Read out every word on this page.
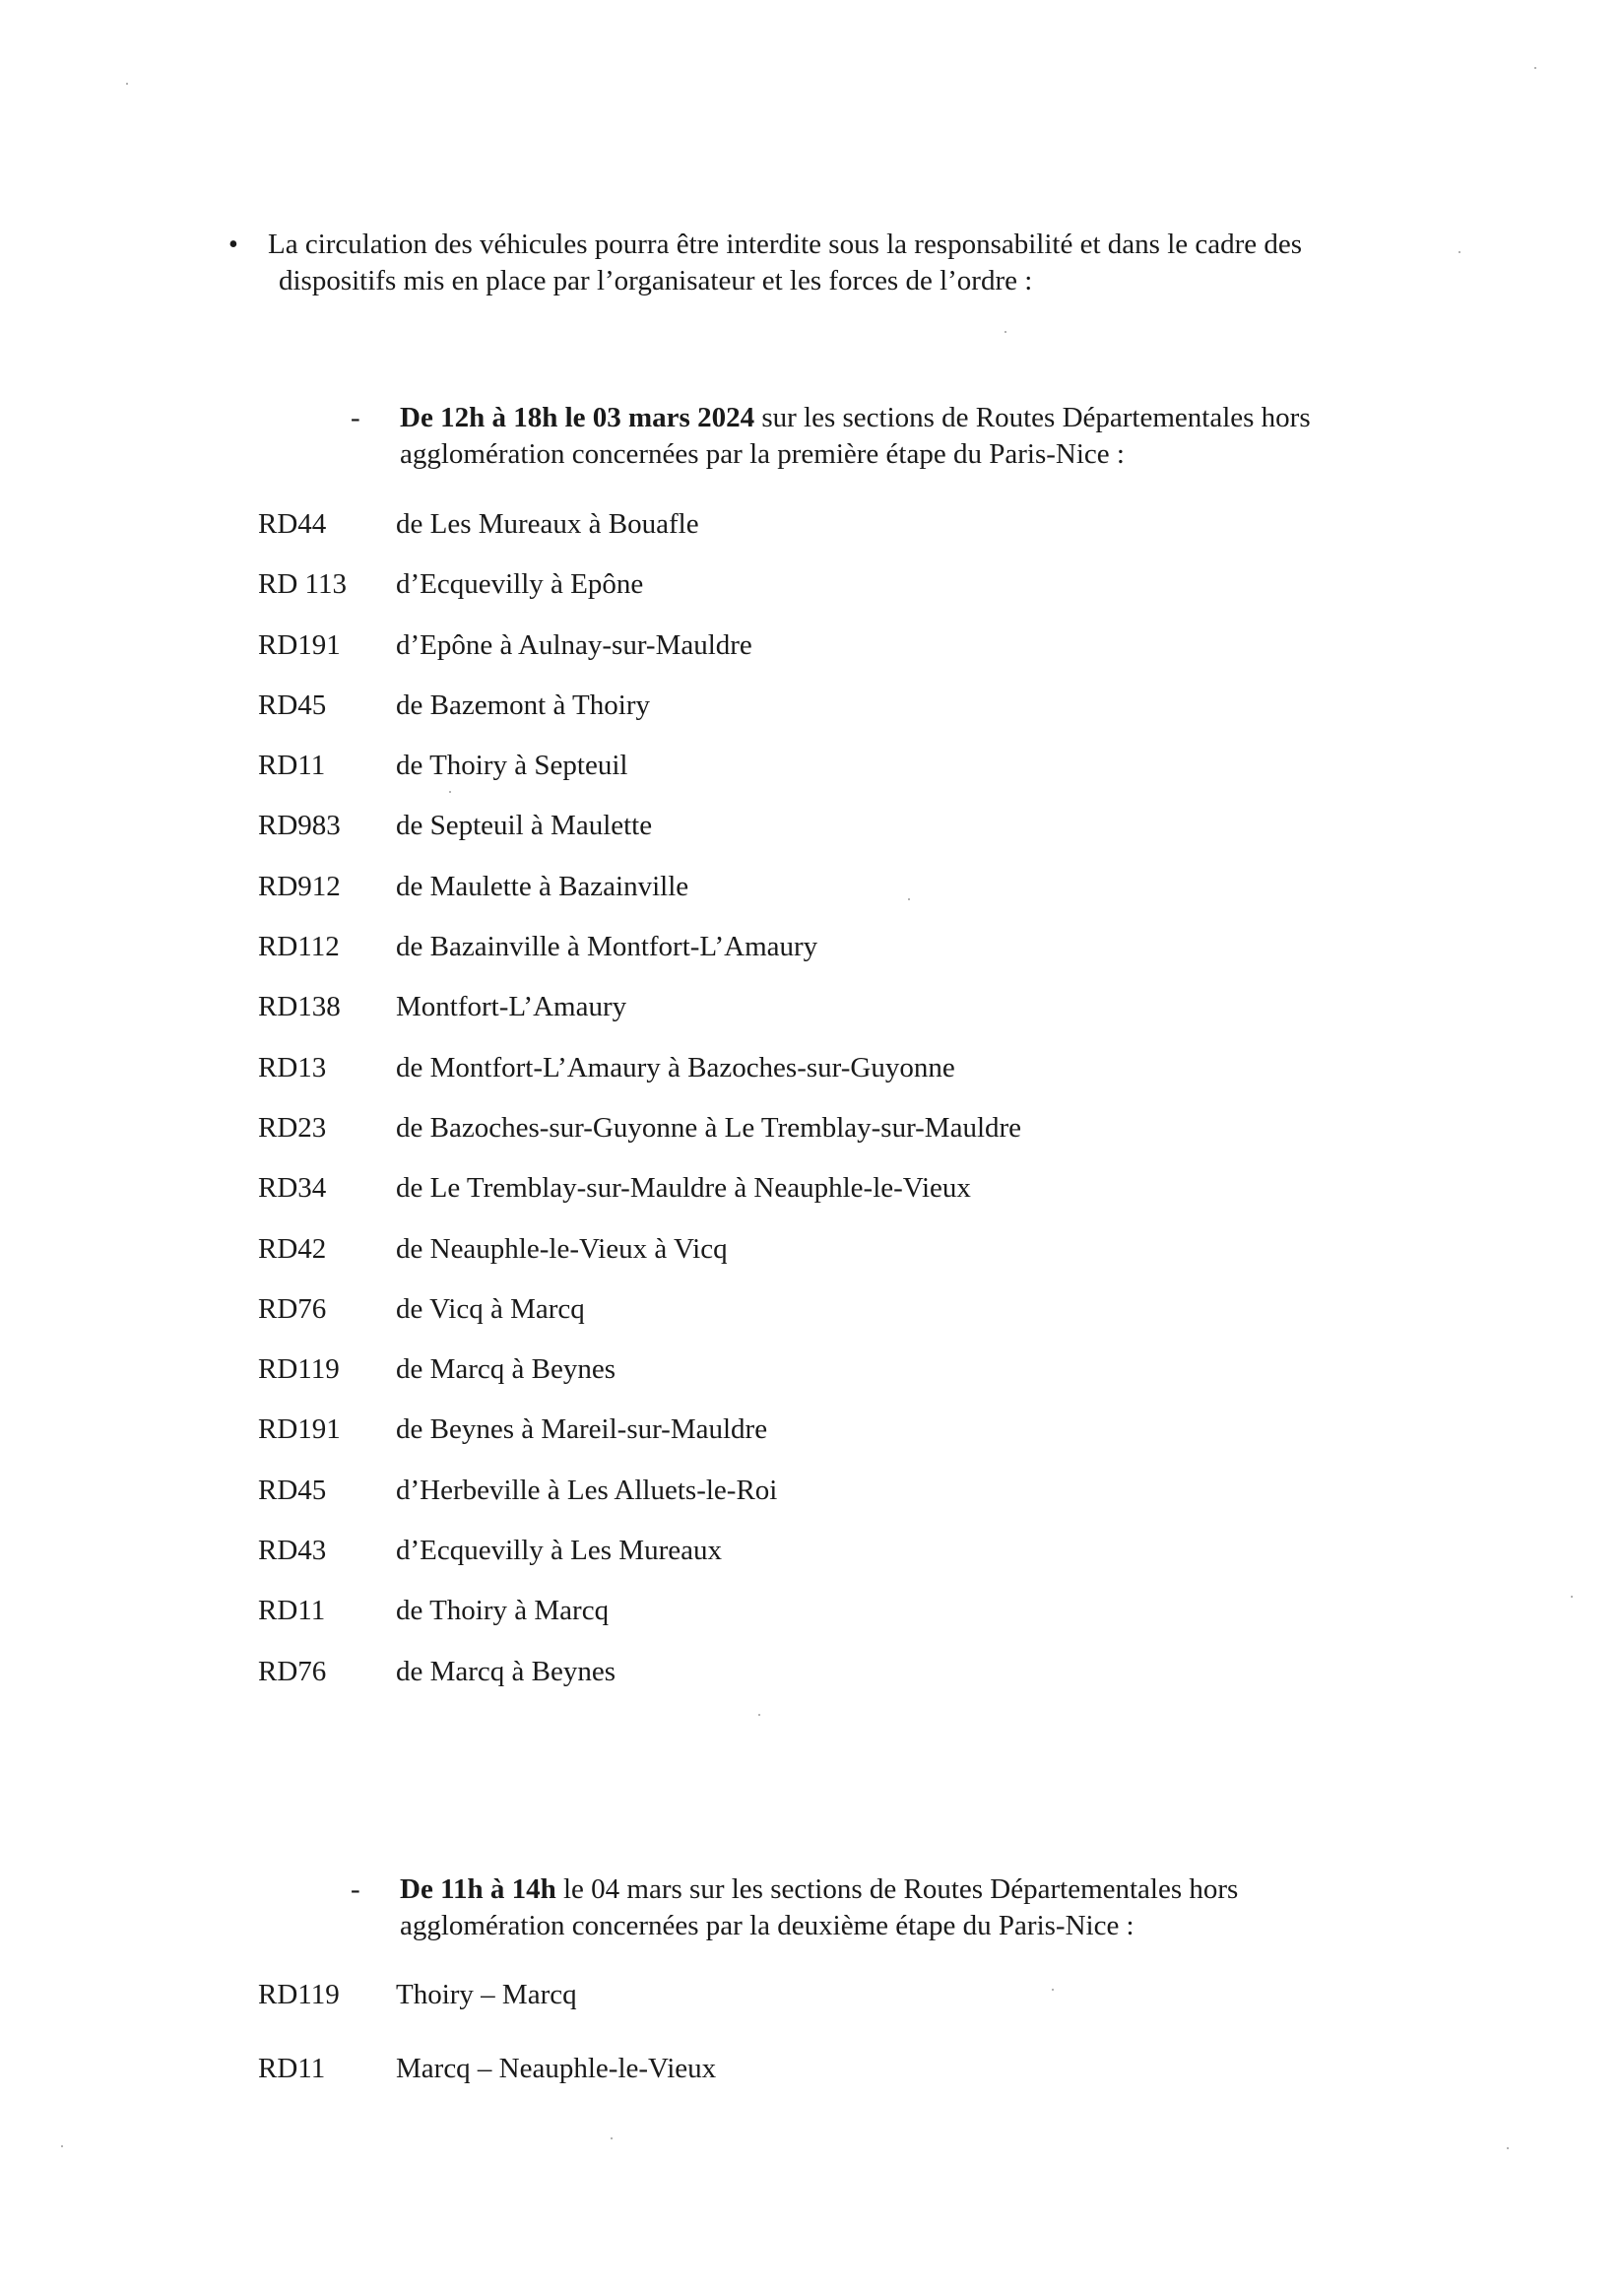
• La circulation des véhicules pourra être interdite sous la responsabilité et dans le cadre des
dispositifs mis en place par l’organisateur et les forces de l’ordre :
- De 12h à 18h le 03 mars 2024 sur les sections de Routes Départementales hors
agglomération concernées par la première étape du Paris-Nice :
RD44	de Les Mureaux à Bouafle
RD 113	d’Ecquevilly à Epône
RD191	d’Epône à Aulnay-sur-Mauldre
RD45	de Bazemont à Thoiry
RD11	de Thoiry à Septeuil
RD983	de Septeuil à Maulette
RD912	de Maulette à Bazainville
RD112	de Bazainville à Montfort-L’Amaury
RD138	Montfort-L’Amaury
RD13	de Montfort-L’Amaury à Bazoches-sur-Guyonne
RD23	de Bazoches-sur-Guyonne à Le Tremblay-sur-Mauldre
RD34	de Le Tremblay-sur-Mauldre à Neauphle-le-Vieux
RD42	de Neauphle-le-Vieux à Vicq
RD76	de Vicq à Marcq
RD119	de Marcq à Beynes
RD191	de Beynes à Mareil-sur-Mauldre
RD45	d’Herbeville à Les Alluets-le-Roi
RD43	d’Ecquevilly à Les Mureaux
RD11	de Thoiry à Marcq
RD76	de Marcq à Beynes
- De 11h à 14h le 04 mars sur les sections de Routes Départementales hors
agglomération concernées par la deuxième étape du Paris-Nice :
RD119	Thoiry – Marcq
RD11	Marcq – Neauphle-le-Vieux
